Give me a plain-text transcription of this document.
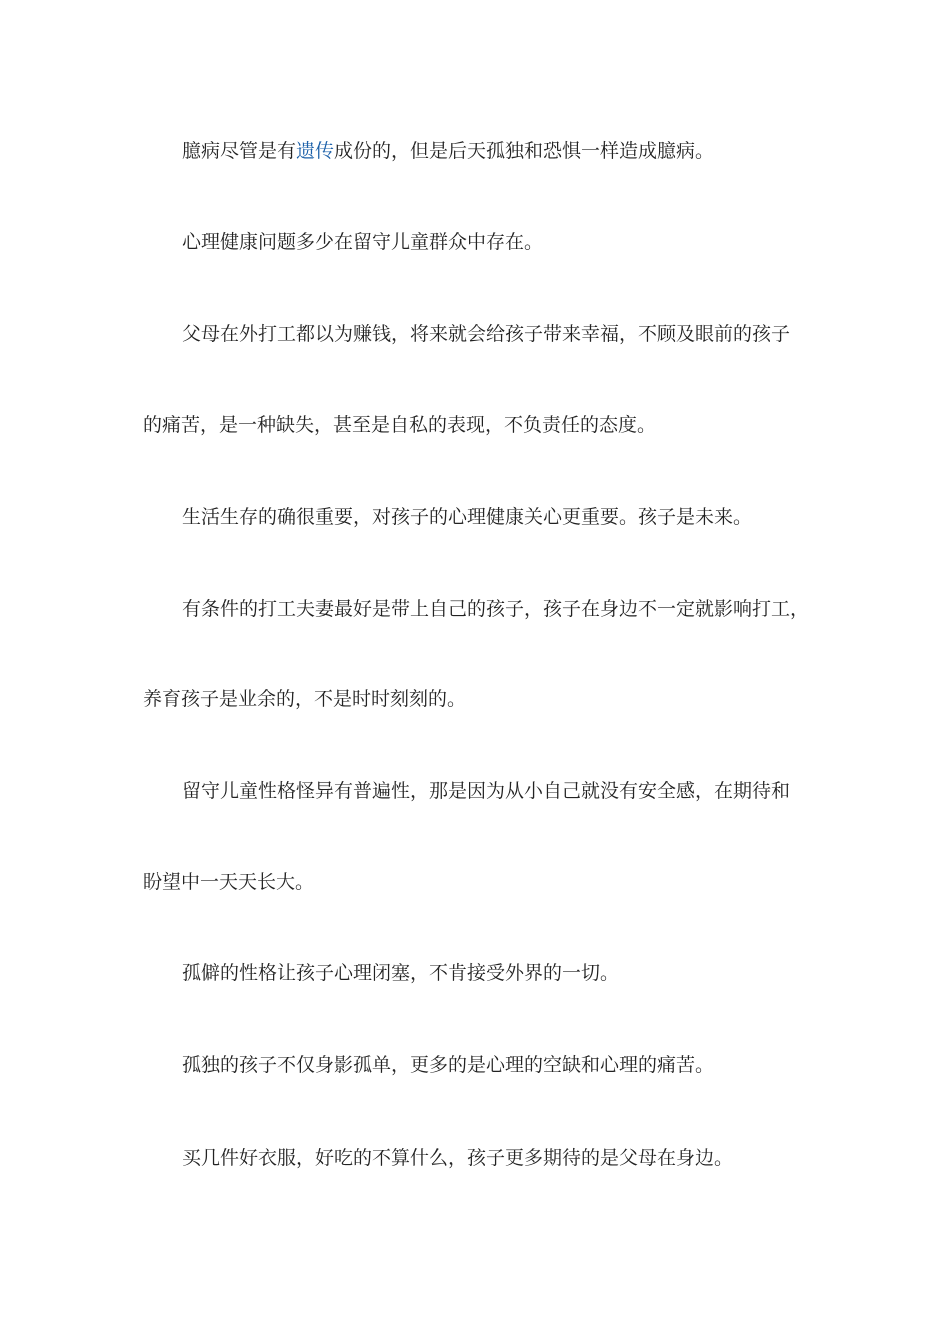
臆病尽管是有遗传成份的，但是后天孤独和恐惧一样造成臆病。
心理健康问题多少在留守儿童群众中存在。
父母在外打工都以为赚钱，将来就会给孩子带来幸福，不顾及眼前的孩子
的痛苦，是一种缺失，甚至是自私的表现，不负责任的态度。
生活生存的确很重要，对孩子的心理健康关心更重要。孩子是未来。
有条件的打工夫妻最好是带上自己的孩子，孩子在身边不一定就影响打工，
养育孩子是业余的，不是时时刻刻的。
留守儿童性格怪异有普遍性，那是因为从小自己就没有安全感，在期待和
盼望中一天天长大。
孤僻的性格让孩子心理闭塞，不肯接受外界的一切。
孤独的孩子不仅身影孤单，更多的是心理的空缺和心理的痛苦。
买几件好衣服，好吃的不算什么，孩子更多期待的是父母在身边。
